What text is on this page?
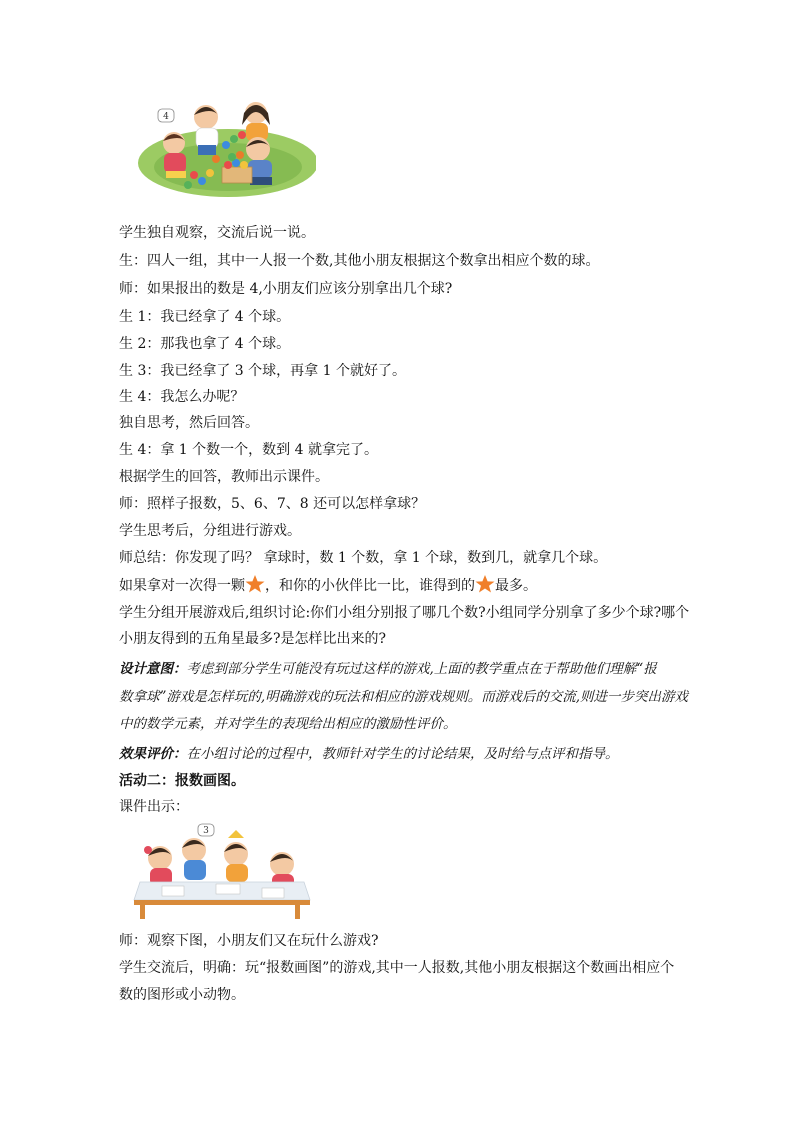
4
学生独自观察，交流后说一说。
生：四人一组，其中一人报一个数,其他小朋友根据这个数拿出相应个数的球。
师：如果报出的数是 4,小朋友们应该分别拿出几个球?
生 1：我已经拿了 4 个球。
生 2：那我也拿了 4 个球。
生 3：我已经拿了 3 个球，再拿 1 个就好了。
生 4：我怎么办呢？
独自思考，然后回答。
生 4：拿 1 个数一个，数到 4 就拿完了。
根据学生的回答，教师出示课件。
师：照样子报数，5、6、7、8 还可以怎样拿球？
学生思考后，分组进行游戏。
师总结：你发现了吗？ 拿球时，数 1 个数，拿 1 个球，数到几，就拿几个球。
如果拿对一次得一颗 ，和你的小伙伴比一比，谁得到的 最多。
学生分组开展游戏后,组织讨论:你们小组分别报了哪几个数?小组同学分别拿了多少个球?哪个
小朋友得到的五角星最多?是怎样比出来的?
设计意图：考虑到部分学生可能没有玩过这样的游戏,上面的教学重点在于帮助他们理解“报
数拿球”游戏是怎样玩的,明确游戏的玩法和相应的游戏规则。而游戏后的交流,则进一步突出游戏
中的数学元素，并对学生的表现给出相应的激励性评价。
效果评价：在小组讨论的过程中，教师针对学生的讨论结果，及时给与点评和指导。
活动二：报数画图。
课件出示：
3
师：观察下图，小朋友们又在玩什么游戏?
学生交流后，明确：玩“报数画图”的游戏,其中一人报数,其他小朋友根据这个数画出相应个
数的图形或小动物。
